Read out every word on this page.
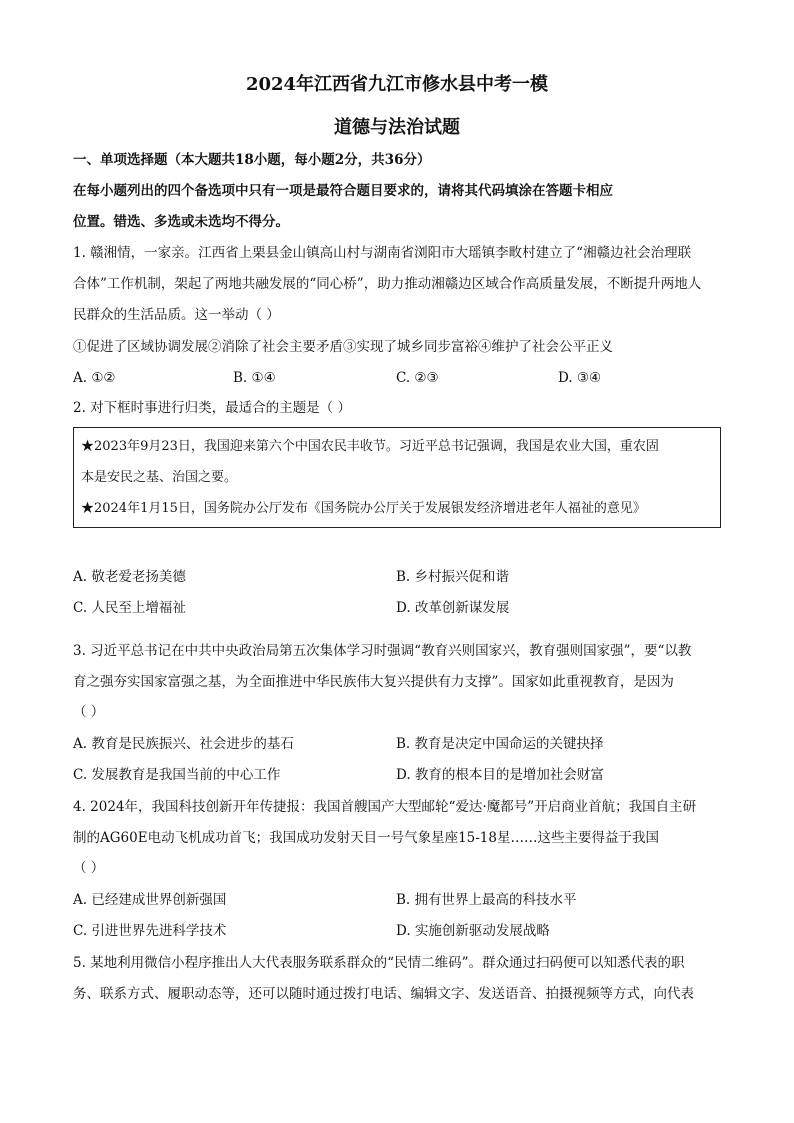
2024年江西省九江市修水县中考一模
道德与法治试题
一、单项选择题（本大题共18小题，每小题2分，共36分）
在每小题列出的四个备选项中只有一项是最符合题目要求的，请将其代码填涂在答题卡相应
位置。错选、多选或未选均不得分。
1. 赣湘情，一家亲。江西省上栗县金山镇高山村与湖南省浏阳市大瑶镇李畋村建立了“湘赣边社会治理联
合体”工作机制，架起了两地共融发展的“同心桥”，助力推动湘赣边区域合作高质量发展，不断提升两地人
民群众的生活品质。这一举动（ ）
①促进了区域协调发展②消除了社会主要矛盾③实现了城乡同步富裕④维护了社会公平正义
A. ①②	B. ①④	C. ②③	D. ③④
2. 对下框时事进行归类，最适合的主题是（ ）
★2023年9月23日，我国迎来第六个中国农民丰收节。习近平总书记强调，我国是农业大国，重农固
本是安民之基、治国之要。
★2024年1月15日，国务院办公厅发布《国务院办公厅关于发展银发经济增进老年人福祉的意见》
A. 敬老爱老扬美德	B. 乡村振兴促和谐
C. 人民至上增福祉	D. 改革创新谋发展
3. 习近平总书记在中共中央政治局第五次集体学习时强调“教育兴则国家兴，教育强则国家强”，要“以教
育之强夯实国家富强之基，为全面推进中华民族伟大复兴提供有力支撑”。国家如此重视教育，是因为
（ ）
A. 教育是民族振兴、社会进步的基石	B. 教育是决定中国命运的关键抉择
C. 发展教育是我国当前的中心工作	D. 教育的根本目的是增加社会财富
4. 2024年，我国科技创新开年传捷报：我国首艘国产大型邮轮“爱达·魔都号”开启商业首航；我国自主研
制的AG60E电动飞机成功首飞；我国成功发射天目一号气象星座15-18星……这些主要得益于我国
（ ）
A. 已经建成世界创新强国	B. 拥有世界上最高的科技水平
C. 引进世界先进科学技术	D. 实施创新驱动发展战略
5. 某地利用微信小程序推出人大代表服务联系群众的“民情二维码”。群众通过扫码便可以知悉代表的职
务、联系方式、履职动态等，还可以随时通过拨打电话、编辑文字、发送语音、拍摄视频等方式，向代表
